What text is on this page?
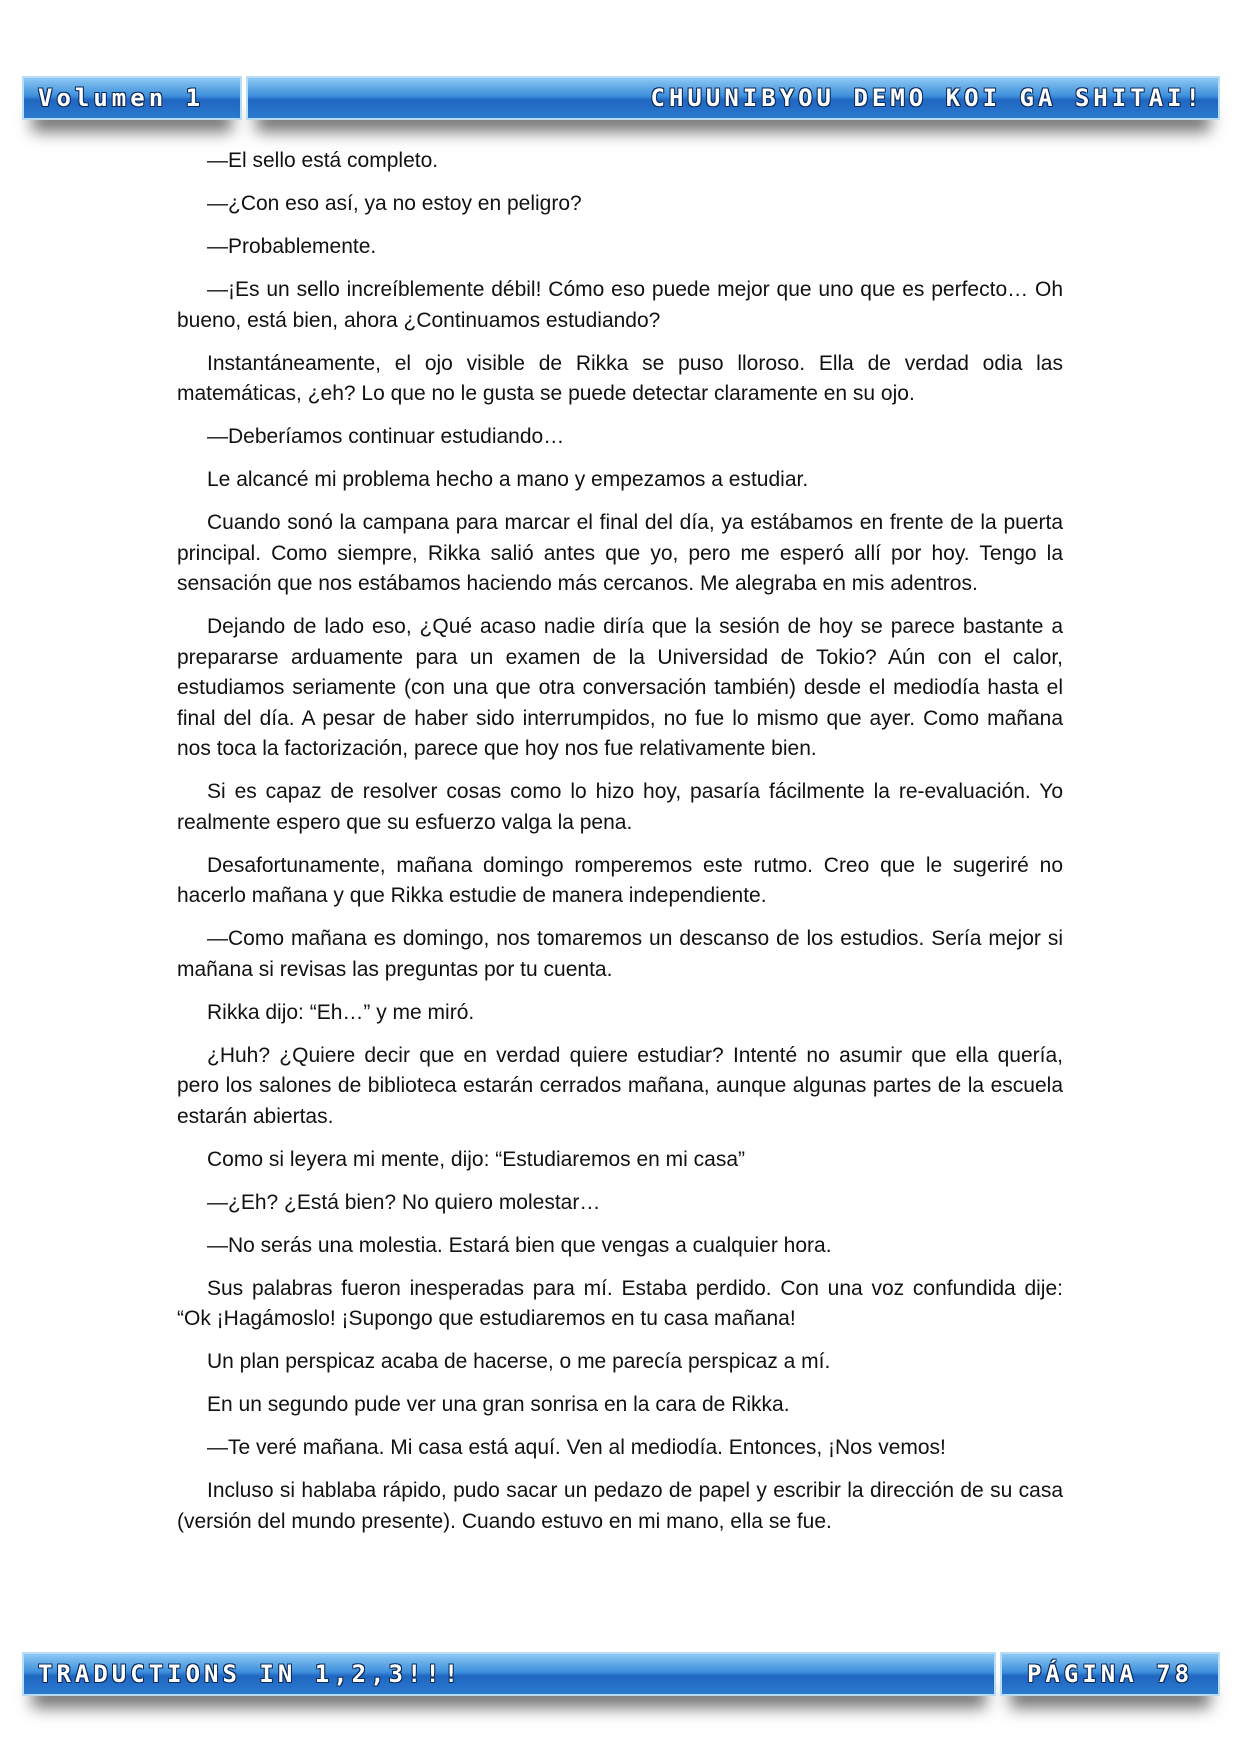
Volumen 1	CHUUNIBYOU DEMO KOI GA SHITAI!

—El sello está completo.

—¿Con eso así, ya no estoy en peligro?

—Probablemente.

—¡Es un sello increíblemente débil! Cómo eso puede mejor que uno que es perfecto… Oh bueno, está bien, ahora ¿Continuamos estudiando?

Instantáneamente, el ojo visible de Rikka se puso lloroso. Ella de verdad odia las matemáticas, ¿eh? Lo que no le gusta se puede detectar claramente en su ojo.

—Deberíamos continuar estudiando…

Le alcancé mi problema hecho a mano y empezamos a estudiar.

Cuando sonó la campana para marcar el final del día, ya estábamos en frente de la puerta principal. Como siempre, Rikka salió antes que yo, pero me esperó allí por hoy. Tengo la sensación que nos estábamos haciendo más cercanos. Me alegraba en mis adentros.

Dejando de lado eso, ¿Qué acaso nadie diría que la sesión de hoy se parece bastante a prepararse arduamente para un examen de la Universidad de Tokio? Aún con el calor, estudiamos seriamente (con una que otra conversación también) desde el mediodía hasta el final del día. A pesar de haber sido interrumpidos, no fue lo mismo que ayer. Como mañana nos toca la factorización, parece que hoy nos fue relativamente bien.

Si es capaz de resolver cosas como lo hizo hoy, pasaría fácilmente la re-evaluación. Yo realmente espero que su esfuerzo valga la pena.

Desafortunamente, mañana domingo romperemos este rutmo. Creo que le sugeriré no hacerlo mañana y que Rikka estudie de manera independiente.

—Como mañana es domingo, nos tomaremos un descanso de los estudios. Sería mejor si mañana si revisas las preguntas por tu cuenta.

Rikka dijo: “Eh…” y me miró.

¿Huh? ¿Quiere decir que en verdad quiere estudiar? Intenté no asumir que ella quería, pero los salones de biblioteca estarán cerrados mañana, aunque algunas partes de la escuela estarán abiertas.

Como si leyera mi mente, dijo: “Estudiaremos en mi casa”

—¿Eh? ¿Está bien? No quiero molestar…

—No serás una molestia. Estará bien que vengas a cualquier hora.

Sus palabras fueron inesperadas para mí. Estaba perdido. Con una voz confundida dije: “Ok ¡Hagámoslo! ¡Supongo que estudiaremos en tu casa mañana!

Un plan perspicaz acaba de hacerse, o me parecía perspicaz a mí.

En un segundo pude ver una gran sonrisa en la cara de Rikka.

—Te veré mañana. Mi casa está aquí. Ven al mediodía. Entonces, ¡Nos vemos!

Incluso si hablaba rápido, pudo sacar un pedazo de papel y escribir la dirección de su casa (versión del mundo presente). Cuando estuvo en mi mano, ella se fue.

TRADUCTIONS IN 1,2,3!!!	PÁGINA 78
